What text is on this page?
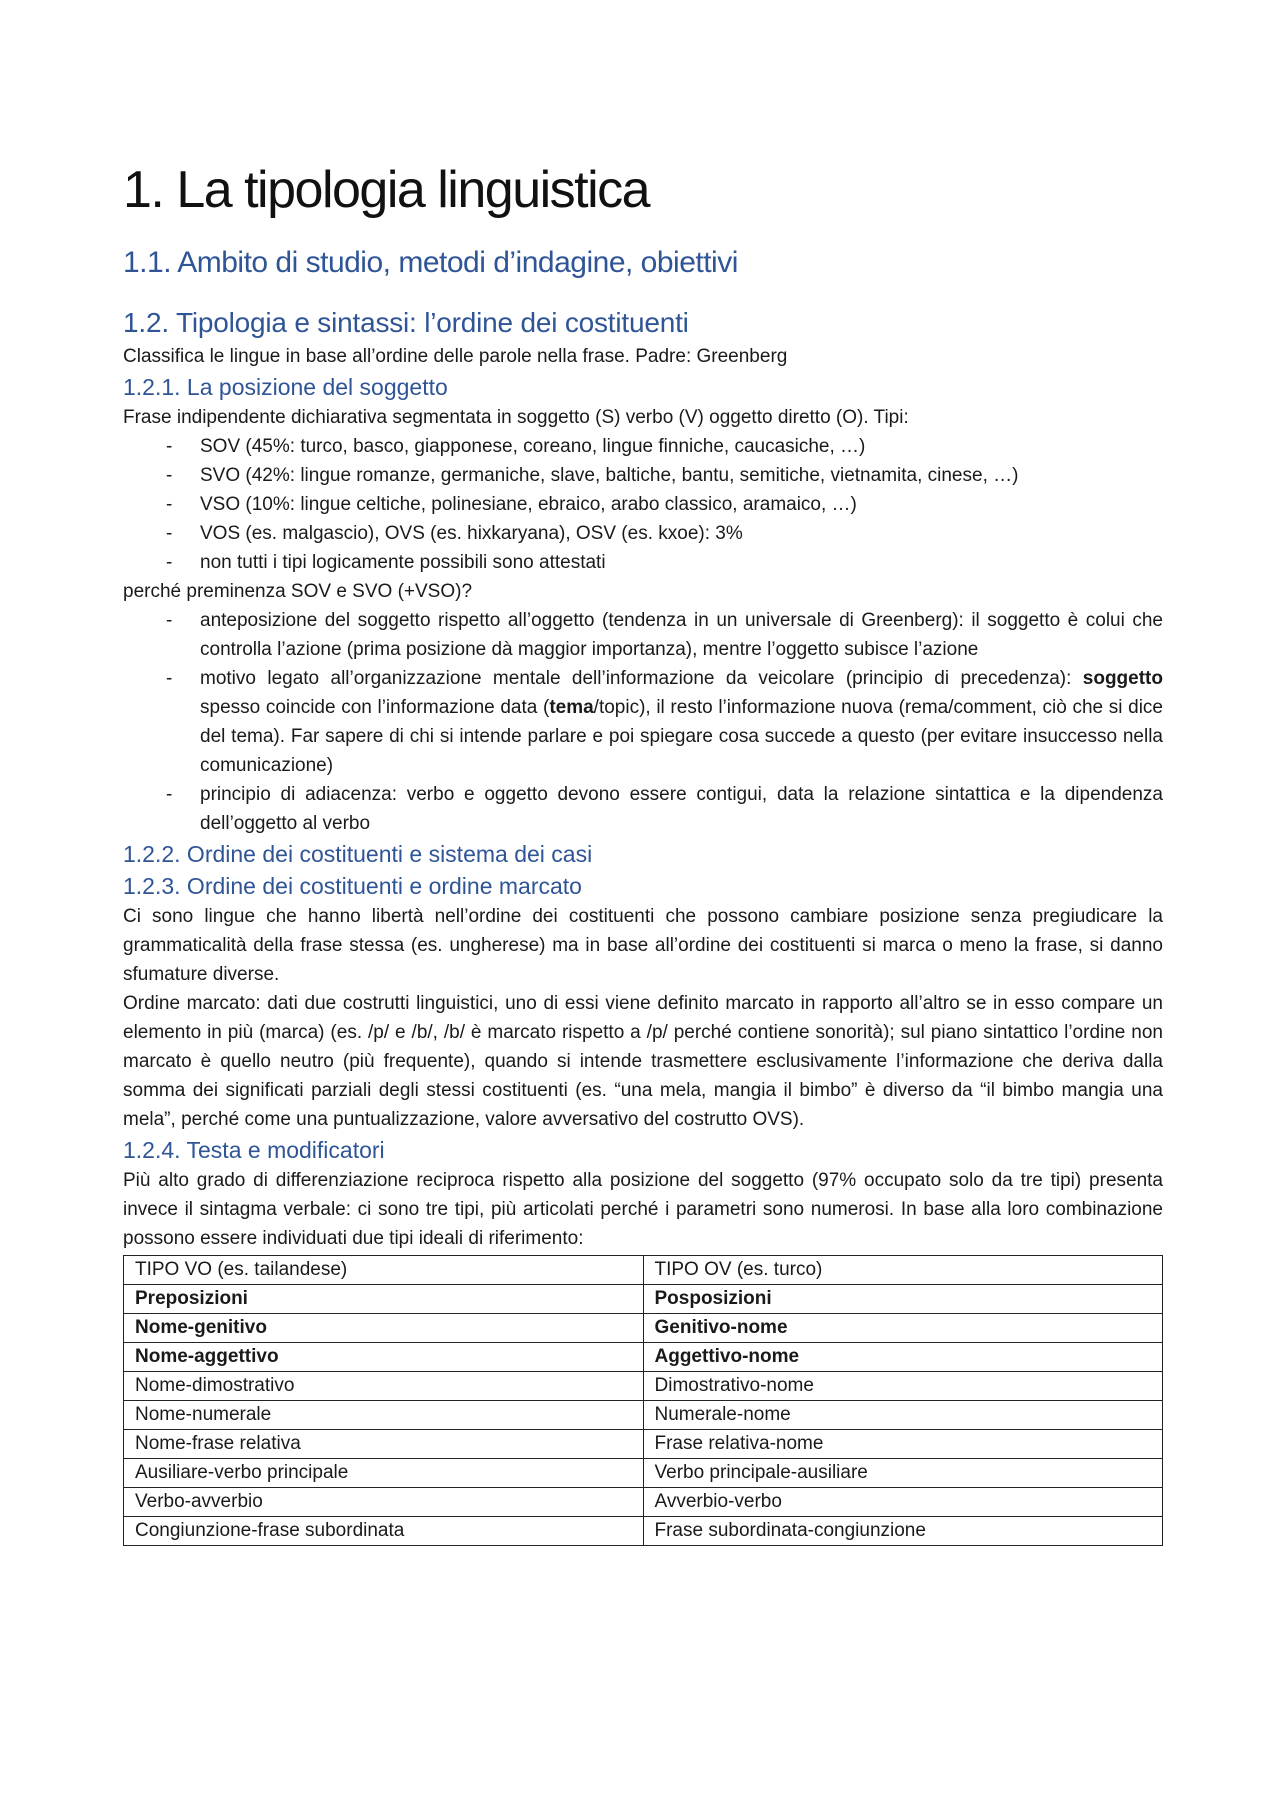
1. La tipologia linguistica
1.1. Ambito di studio, metodi d’indagine, obiettivi
1.2. Tipologia e sintassi: l’ordine dei costituenti

Classifica le lingue in base all’ordine delle parole nella frase. Padre: Greenberg

1.2.1. La posizione del soggetto

Frase indipendente dichiarativa segmentata in soggetto (S) verbo (V) oggetto diretto (O). Tipi:

- SOV (45%: turco, basco, giapponese, coreano, lingue finniche, caucasiche, …)
- SVO (42%: lingue romanze, germaniche, slave, baltiche, bantu, semitiche, vietnamita, cinese, …)
- VSO (10%: lingue celtiche, polinesiane, ebraico, arabo classico, aramaico, …)
- VOS (es. malgascio), OVS (es. hixkaryana), OSV (es. kxoe): 3%
- non tutti i tipi logicamente possibili sono attestati

perché preminenza SOV e SVO (+VSO)?

- anteposizione del soggetto rispetto all’oggetto (tendenza in un universale di Greenberg): il soggetto è colui che controlla l’azione (prima posizione dà maggior importanza), mentre l’oggetto subisce l’azione
- motivo legato all’organizzazione mentale dell’informazione da veicolare (principio di precedenza): soggetto spesso coincide con l’informazione data (tema/topic), il resto l’informazione nuova (rema/comment, ciò che si dice del tema). Far sapere di chi si intende parlare e poi spiegare cosa succede a questo (per evitare insuccesso nella comunicazione)
- principio di adiacenza: verbo e oggetto devono essere contigui, data la relazione sintattica e la dipendenza dell’oggetto al verbo
1.2.2. Ordine dei costituenti e sistema dei casi
1.2.3. Ordine dei costituenti e ordine marcato

Ci sono lingue che hanno libertà nell’ordine dei costituenti che possono cambiare posizione senza pregiudicare la grammaticalità della frase stessa (es. ungherese) ma in base all’ordine dei costituenti si marca o meno la frase, si danno sfumature diverse.

Ordine marcato: dati due costrutti linguistici, uno di essi viene definito marcato in rapporto all’altro se in esso compare un elemento in più (marca) (es. /p/ e /b/, /b/ è marcato rispetto a /p/ perché contiene sonorità); sul piano sintattico l’ordine non marcato è quello neutro (più frequente), quando si intende trasmettere esclusivamente l’informazione che deriva dalla somma dei significati parziali degli stessi costituenti (es. “una mela, mangia il bimbo” è diverso da “il bimbo mangia una mela”, perché come una puntualizzazione, valore avversativo del costrutto OVS).

1.2.4. Testa e modificatori

Più alto grado di differenziazione reciproca rispetto alla posizione del soggetto (97% occupato solo da tre tipi) presenta invece il sintagma verbale: ci sono tre tipi, più articolati perché i parametri sono numerosi. In base alla loro combinazione possono essere individuati due tipi ideali di riferimento:

TIPO VO (es. tailandese)	TIPO OV (es. turco)
Preposizioni	Posposizioni
Nome-genitivo	Genitivo-nome
Nome-aggettivo	Aggettivo-nome
Nome-dimostrativo	Dimostrativo-nome
Nome-numerale	Numerale-nome
Nome-frase relativa	Frase relativa-nome
Ausiliare-verbo principale	Verbo principale-ausiliare
Verbo-avverbio	Avverbio-verbo
Congiunzione-frase subordinata	Frase subordinata-congiunzione
